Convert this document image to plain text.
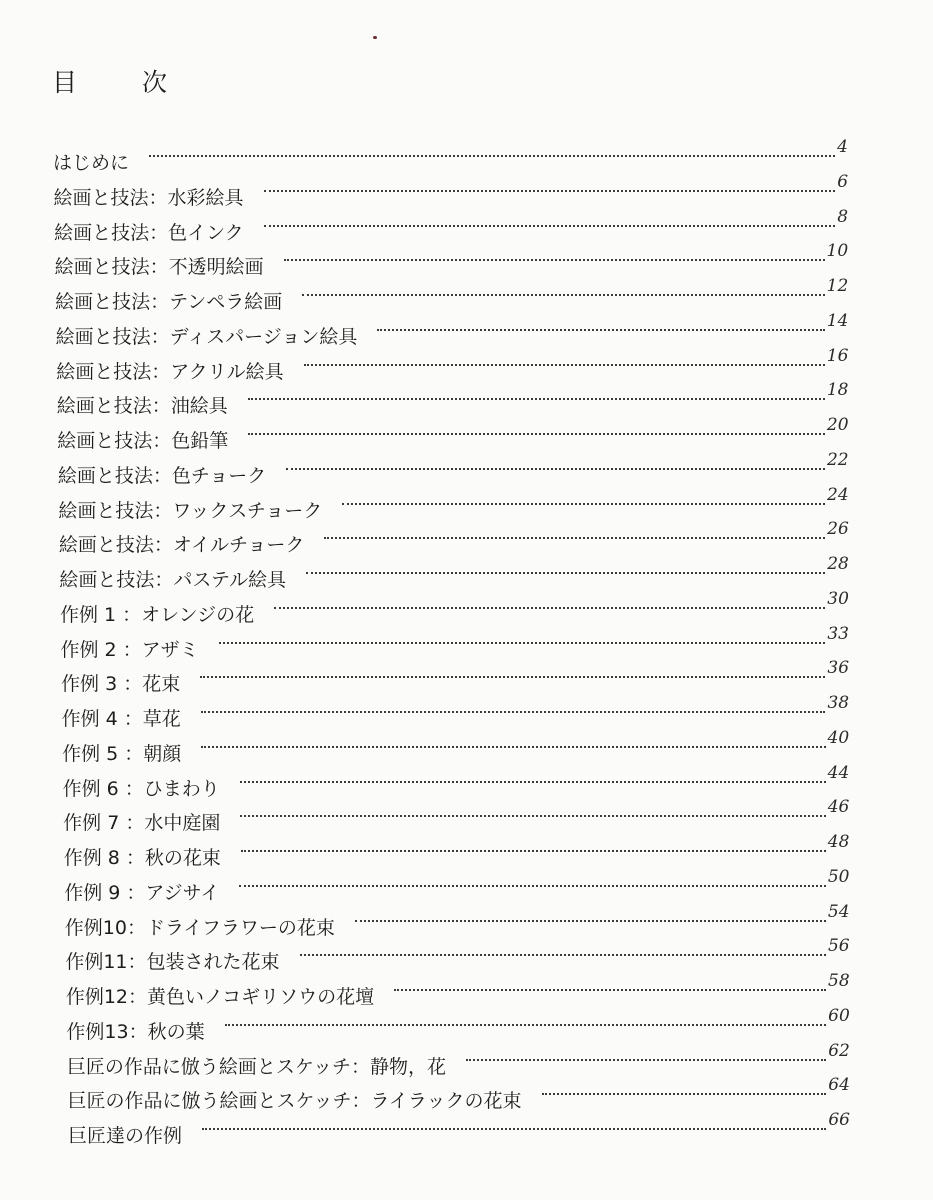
目　次
はじめに
4
絵画と技法：水彩絵具
6
絵画と技法：色インク
8
絵画と技法：不透明絵画
10
絵画と技法：テンペラ絵画
12
絵画と技法：ディスパージョン絵具
14
絵画と技法：アクリル絵具
16
絵画と技法：油絵具
18
絵画と技法：色鉛筆
20
絵画と技法：色チョーク
22
絵画と技法：ワックスチョーク
24
絵画と技法：オイルチョーク
26
絵画と技法：パステル絵具
28
作例 1 ：オレンジの花
30
作例 2 ：アザミ
33
作例 3 ：花束
36
作例 4 ：草花
38
作例 5 ：朝顔
40
作例 6 ：ひまわり
44
作例 7 ：水中庭園
46
作例 8 ：秋の花束
48
作例 9 ：アジサイ
50
作例10：ドライフラワーの花束
54
作例11：包装された花束
56
作例12：黄色いノコギリソウの花壇
58
作例13：秋の葉
60
巨匠の作品に倣う絵画とスケッチ：静物，花
62
巨匠の作品に倣う絵画とスケッチ：ライラックの花束
64
巨匠達の作例
66
